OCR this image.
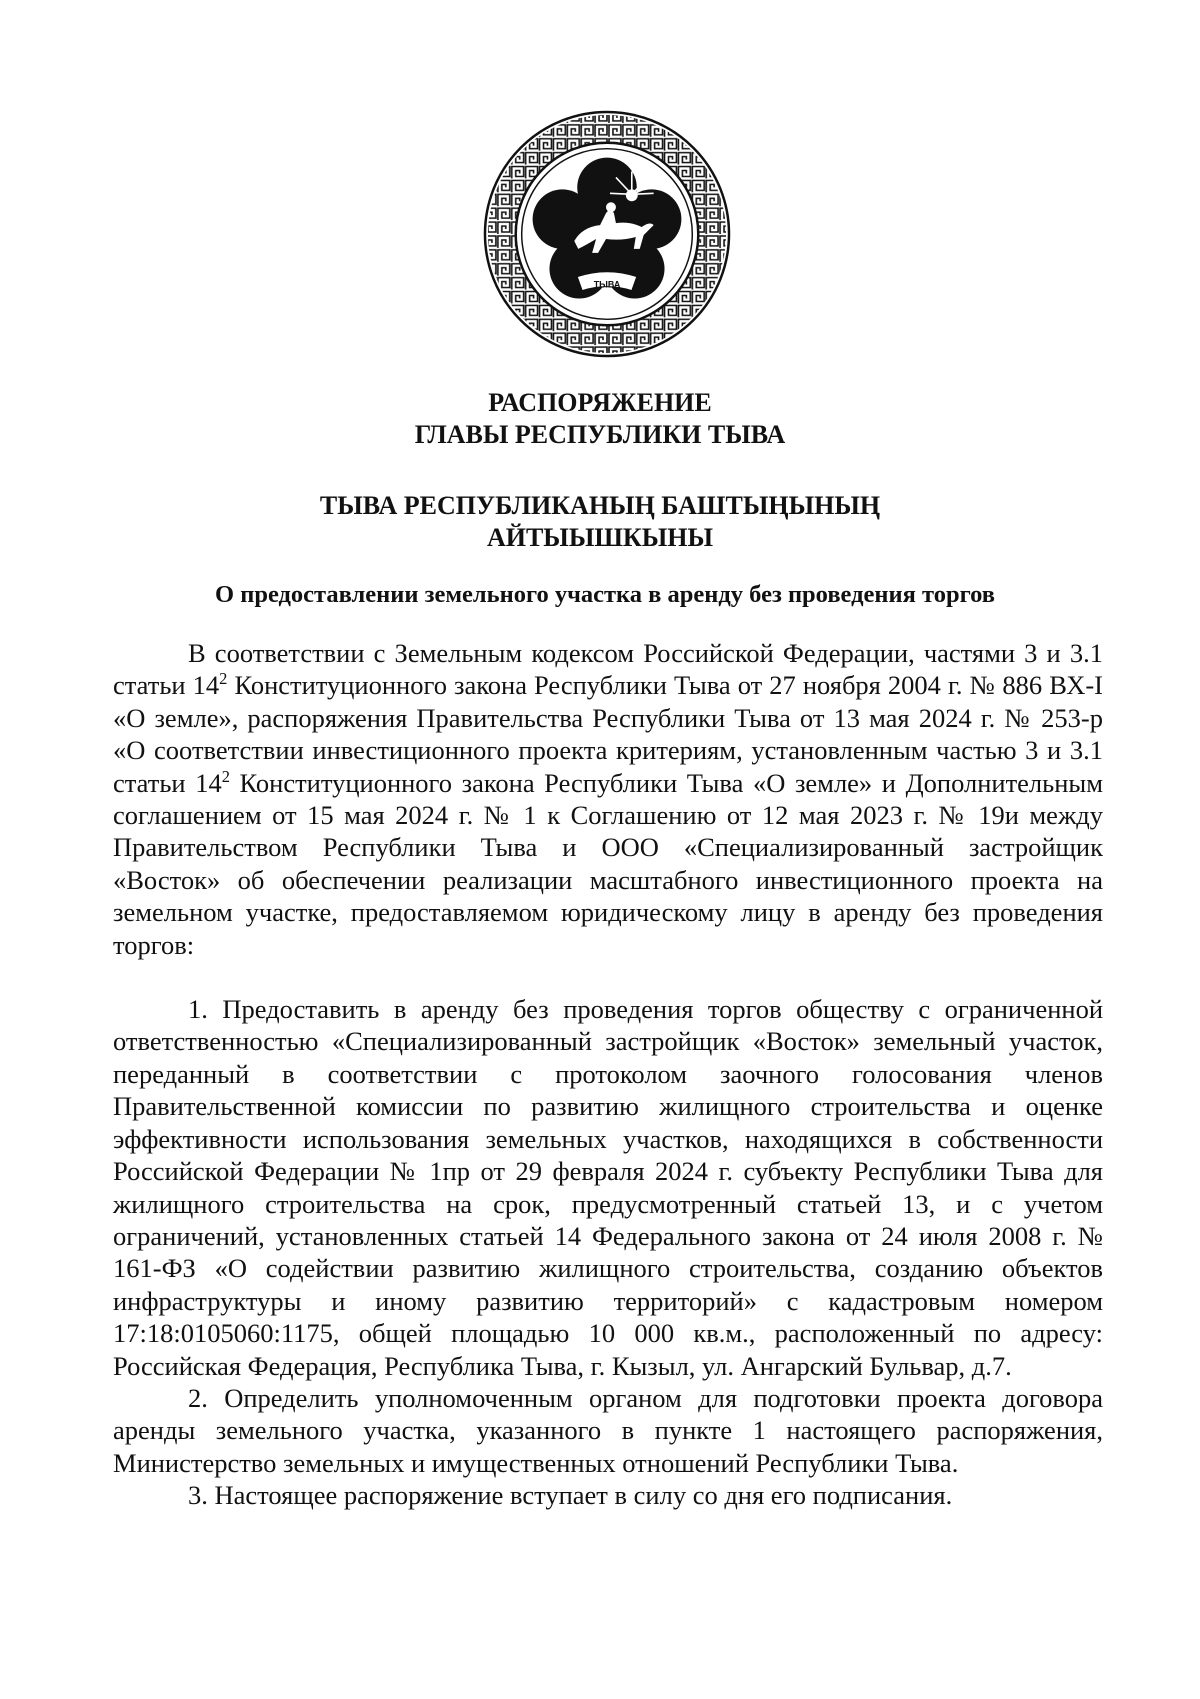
ТЫВА
РАСПОРЯЖЕНИЕ
ГЛАВЫ РЕСПУБЛИКИ ТЫВА
ТЫВА РЕСПУБЛИКАНЫҢ БАШТЫҢЫНЫҢ
АЙТЫЫШКЫНЫ
О предоставлении земельного участка в аренду без проведения торгов

В соответствии с Земельным кодексом Российской Федерации, частями 3 и 3.1 статьи $14^2$ Конституционного закона Республики Тыва от 27 ноября 2004 г. № 886 ВХ-I «О земле», распоряжения Правительства Республики Тыва от 13 мая 2024 г. № 253-р «О соответствии инвестиционного проекта критериям, установленным частью 3 и 3.1 статьи $14^2$ Конституционного закона Республики Тыва «О земле» и Дополнительным соглашением от 15 мая 2024 г. № 1 к Соглашению от 12 мая 2023 г. № 19и между Правительством Республики Тыва и ООО «Специализированный застройщик «Восток» об обеспечении реализации масштабного инвестиционного проекта на земельном участке, предоставляемом юридическому лицу в аренду без проведения торгов:

1. Предоставить в аренду без проведения торгов обществу с ограниченной ответственностью «Специализированный застройщик «Восток» земельный участок, переданный в соответствии с протоколом заочного голосования членов Правительственной комиссии по развитию жилищного строительства и оценке эффективности использования земельных участков, находящихся в собственности Российской Федерации № 1пр от 29 февраля 2024 г. субъекту Республики Тыва для жилищного строительства на срок, предусмотренный статьей 13, и с учетом ограничений, установленных статьей 14 Федерального закона от 24 июля 2008 г. № 161-ФЗ «О содействии развитию жилищного строительства, созданию объектов инфраструктуры и иному развитию территорий» с кадастровым номером 17:18:0105060:1175, общей площадью 10 000 кв.м., расположенный по адресу: Российская Федерация, Республика Тыва, г. Кызыл, ул. Ангарский Бульвар, д.7.

2. Определить уполномоченным органом для подготовки проекта договора аренды земельного участка, указанного в пункте 1 настоящего распоряжения, Министерство земельных и имущественных отношений Республики Тыва.

3. Настоящее распоряжение вступает в силу со дня его подписания.
